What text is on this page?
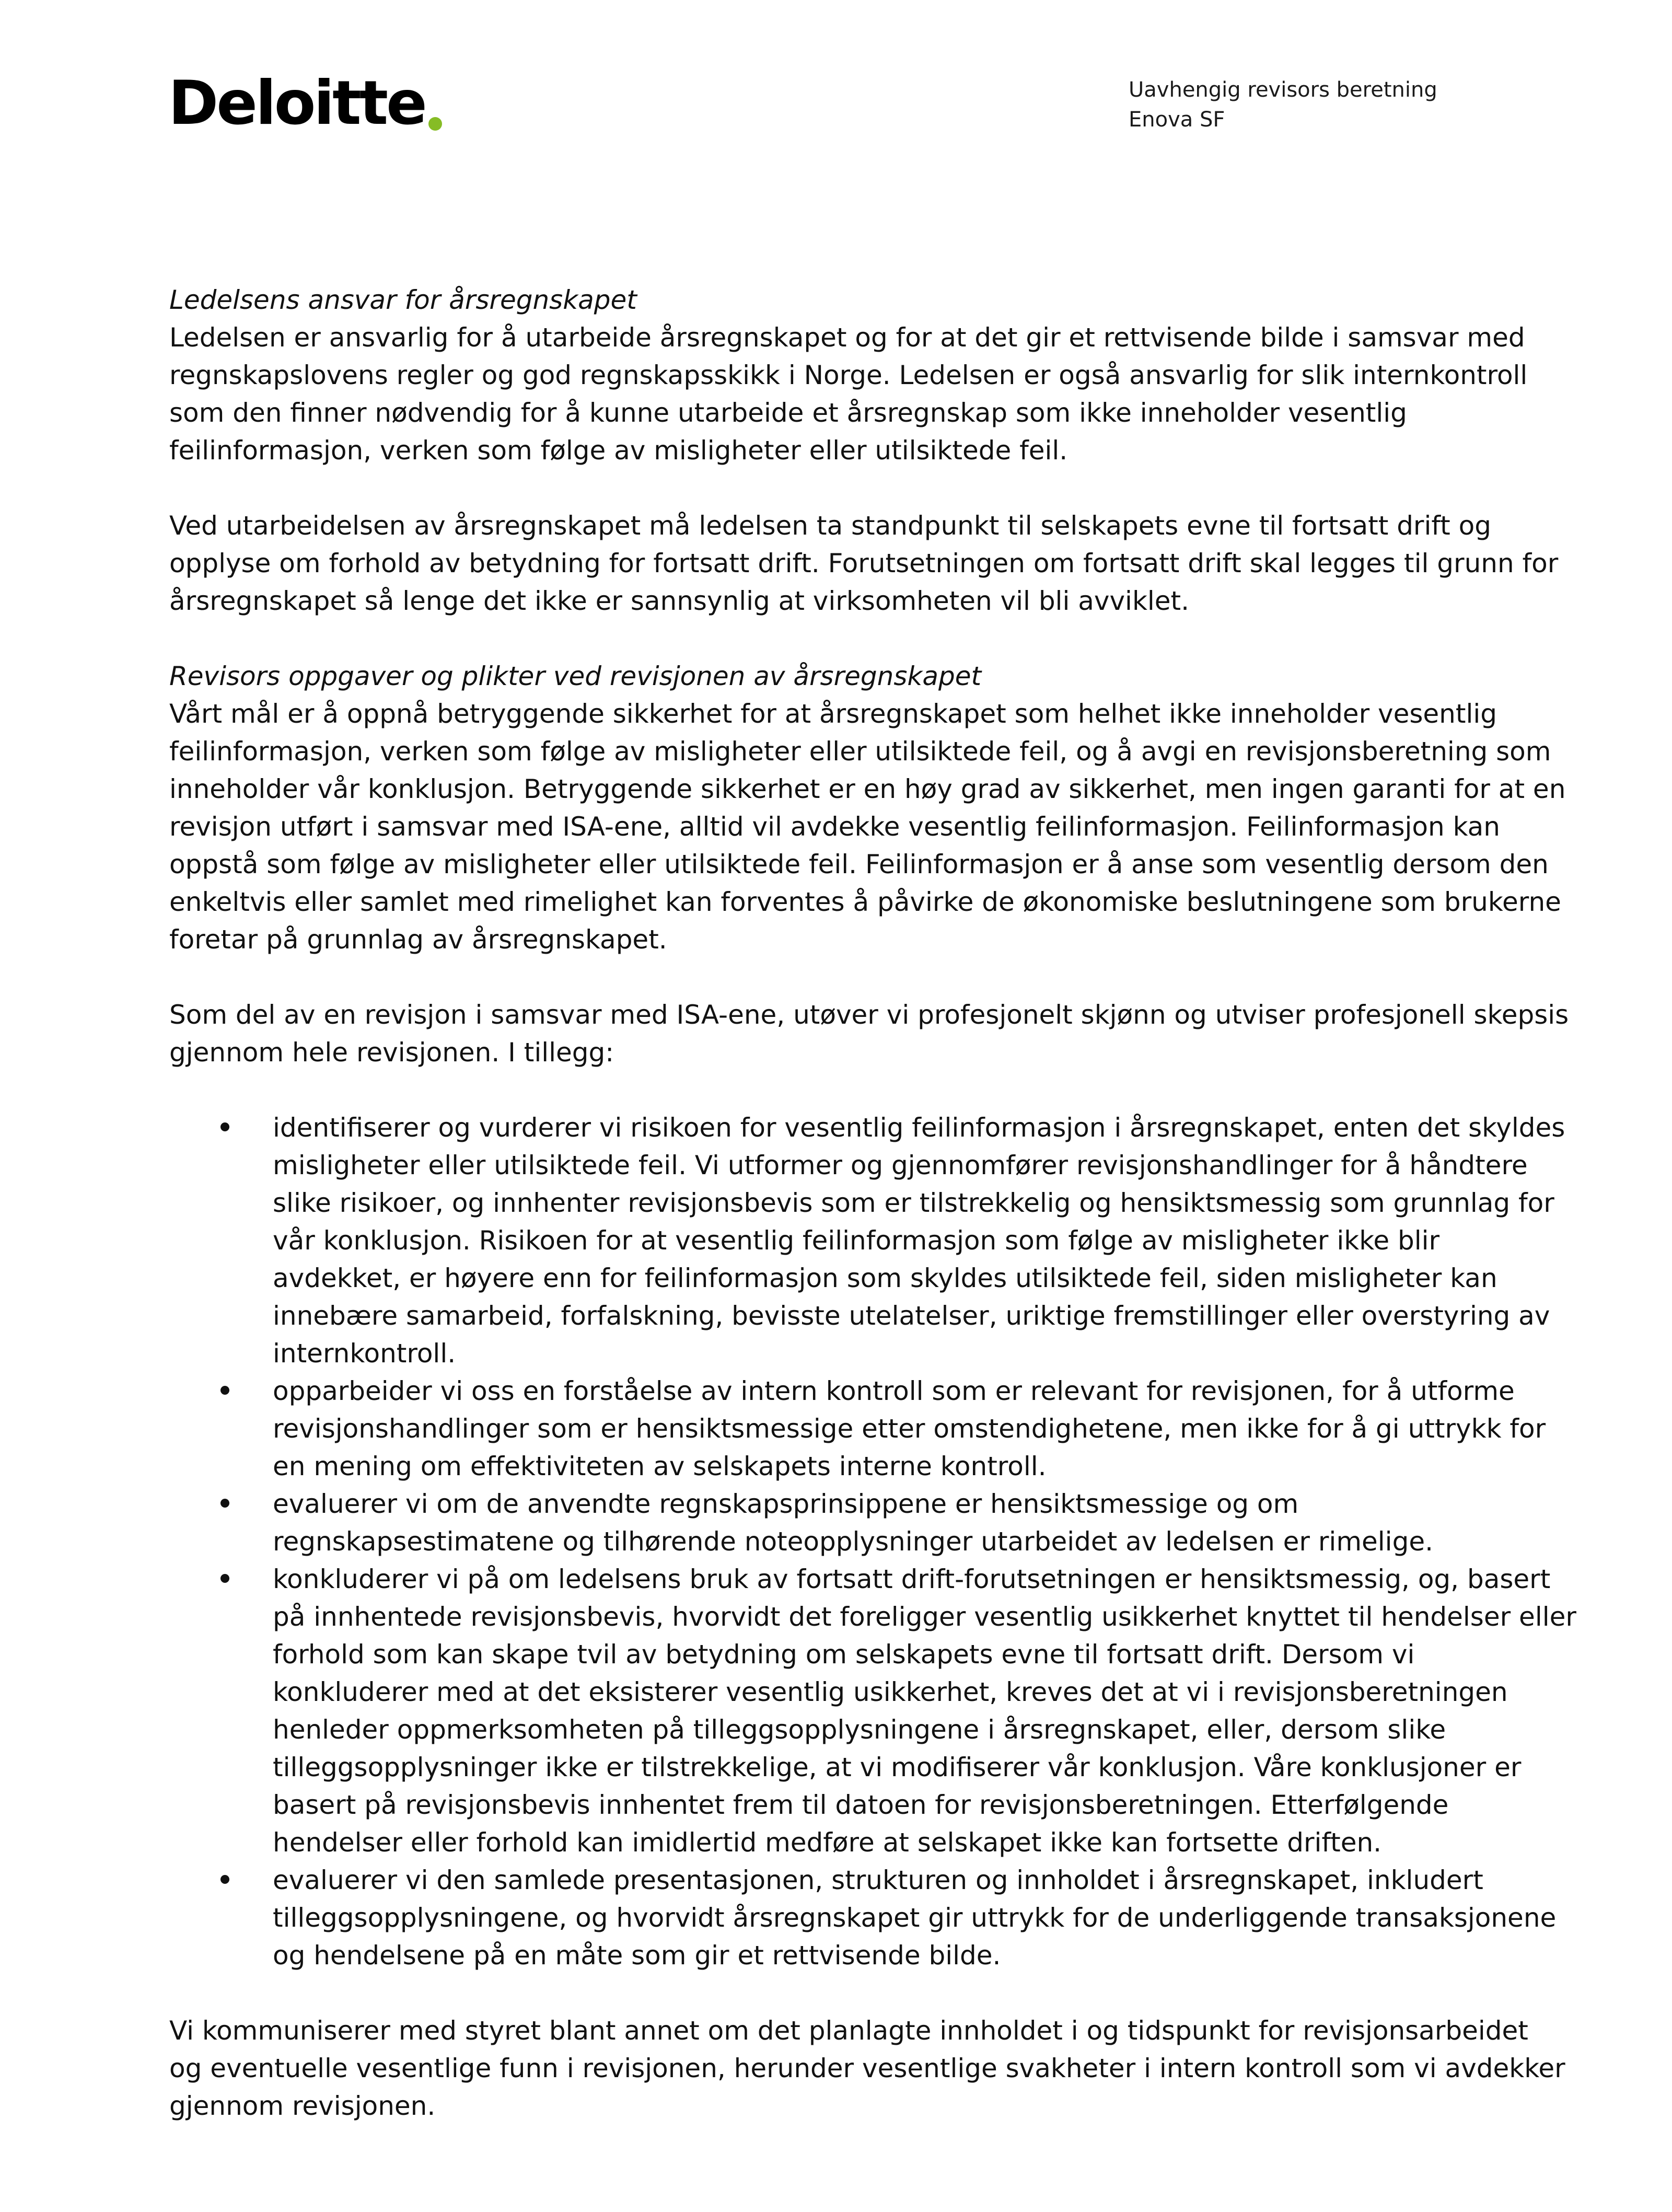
Deloitte	Uavhengig revisors beretning
Enova SF

Ledelsens ansvar for årsregnskapet

Ledelsen er ansvarlig for å utarbeide årsregnskapet og for at det gir et rettvisende bilde i samsvar med
regnskapslovens regler og god regnskapsskikk i Norge. Ledelsen er også ansvarlig for slik internkontroll
som den finner nødvendig for å kunne utarbeide et årsregnskap som ikke inneholder vesentlig
feilinformasjon, verken som følge av misligheter eller utilsiktede feil.
Ved utarbeidelsen av årsregnskapet må ledelsen ta standpunkt til selskapets evne til fortsatt drift og
opplyse om forhold av betydning for fortsatt drift. Forutsetningen om fortsatt drift skal legges til grunn for
årsregnskapet så lenge det ikke er sannsynlig at virksomheten vil bli avviklet.

Revisors oppgaver og plikter ved revisjonen av årsregnskapet

Vårt mål er å oppnå betryggende sikkerhet for at årsregnskapet som helhet ikke inneholder vesentlig
feilinformasjon, verken som følge av misligheter eller utilsiktede feil, og å avgi en revisjonsberetning som
inneholder vår konklusjon. Betryggende sikkerhet er en høy grad av sikkerhet, men ingen garanti for at en
revisjon utført i samsvar med ISA-ene, alltid vil avdekke vesentlig feilinformasjon. Feilinformasjon kan
oppstå som følge av misligheter eller utilsiktede feil. Feilinformasjon er å anse som vesentlig dersom den
enkeltvis eller samlet med rimelighet kan forventes å påvirke de økonomiske beslutningene som brukerne
foretar på grunnlag av årsregnskapet.
Som del av en revisjon i samsvar med ISA-ene, utøver vi profesjonelt skjønn og utviser profesjonell skepsis
gjennom hele revisjonen. I tillegg:
identifiserer og vurderer vi risikoen for vesentlig feilinformasjon i årsregnskapet, enten det skyldes
misligheter eller utilsiktede feil. Vi utformer og gjennomfører revisjonshandlinger for å håndtere
slike risikoer, og innhenter revisjonsbevis som er tilstrekkelig og hensiktsmessig som grunnlag for
vår konklusjon. Risikoen for at vesentlig feilinformasjon som følge av misligheter ikke blir
avdekket, er høyere enn for feilinformasjon som skyldes utilsiktede feil, siden misligheter kan
innebære samarbeid, forfalskning, bevisste utelatelser, uriktige fremstillinger eller overstyring av
internkontroll.
opparbeider vi oss en forståelse av intern kontroll som er relevant for revisjonen, for å utforme
revisjonshandlinger som er hensiktsmessige etter omstendighetene, men ikke for å gi uttrykk for
en mening om effektiviteten av selskapets interne kontroll.
evaluerer vi om de anvendte regnskapsprinsippene er hensiktsmessige og om
regnskapsestimatene og tilhørende noteopplysninger utarbeidet av ledelsen er rimelige.
konkluderer vi på om ledelsens bruk av fortsatt drift-forutsetningen er hensiktsmessig, og, basert
på innhentede revisjonsbevis, hvorvidt det foreligger vesentlig usikkerhet knyttet til hendelser eller
forhold som kan skape tvil av betydning om selskapets evne til fortsatt drift. Dersom vi
konkluderer med at det eksisterer vesentlig usikkerhet, kreves det at vi i revisjonsberetningen
henleder oppmerksomheten på tilleggsopplysningene i årsregnskapet, eller, dersom slike
tilleggsopplysninger ikke er tilstrekkelige, at vi modifiserer vår konklusjon. Våre konklusjoner er
basert på revisjonsbevis innhentet frem til datoen for revisjonsberetningen. Etterfølgende
hendelser eller forhold kan imidlertid medføre at selskapet ikke kan fortsette driften.
evaluerer vi den samlede presentasjonen, strukturen og innholdet i årsregnskapet, inkludert
tilleggsopplysningene, og hvorvidt årsregnskapet gir uttrykk for de underliggende transaksjonene
og hendelsene på en måte som gir et rettvisende bilde.
Vi kommuniserer med styret blant annet om det planlagte innholdet i og tidspunkt for revisjonsarbeidet
og eventuelle vesentlige funn i revisjonen, herunder vesentlige svakheter i intern kontroll som vi avdekker
gjennom revisjonen.
